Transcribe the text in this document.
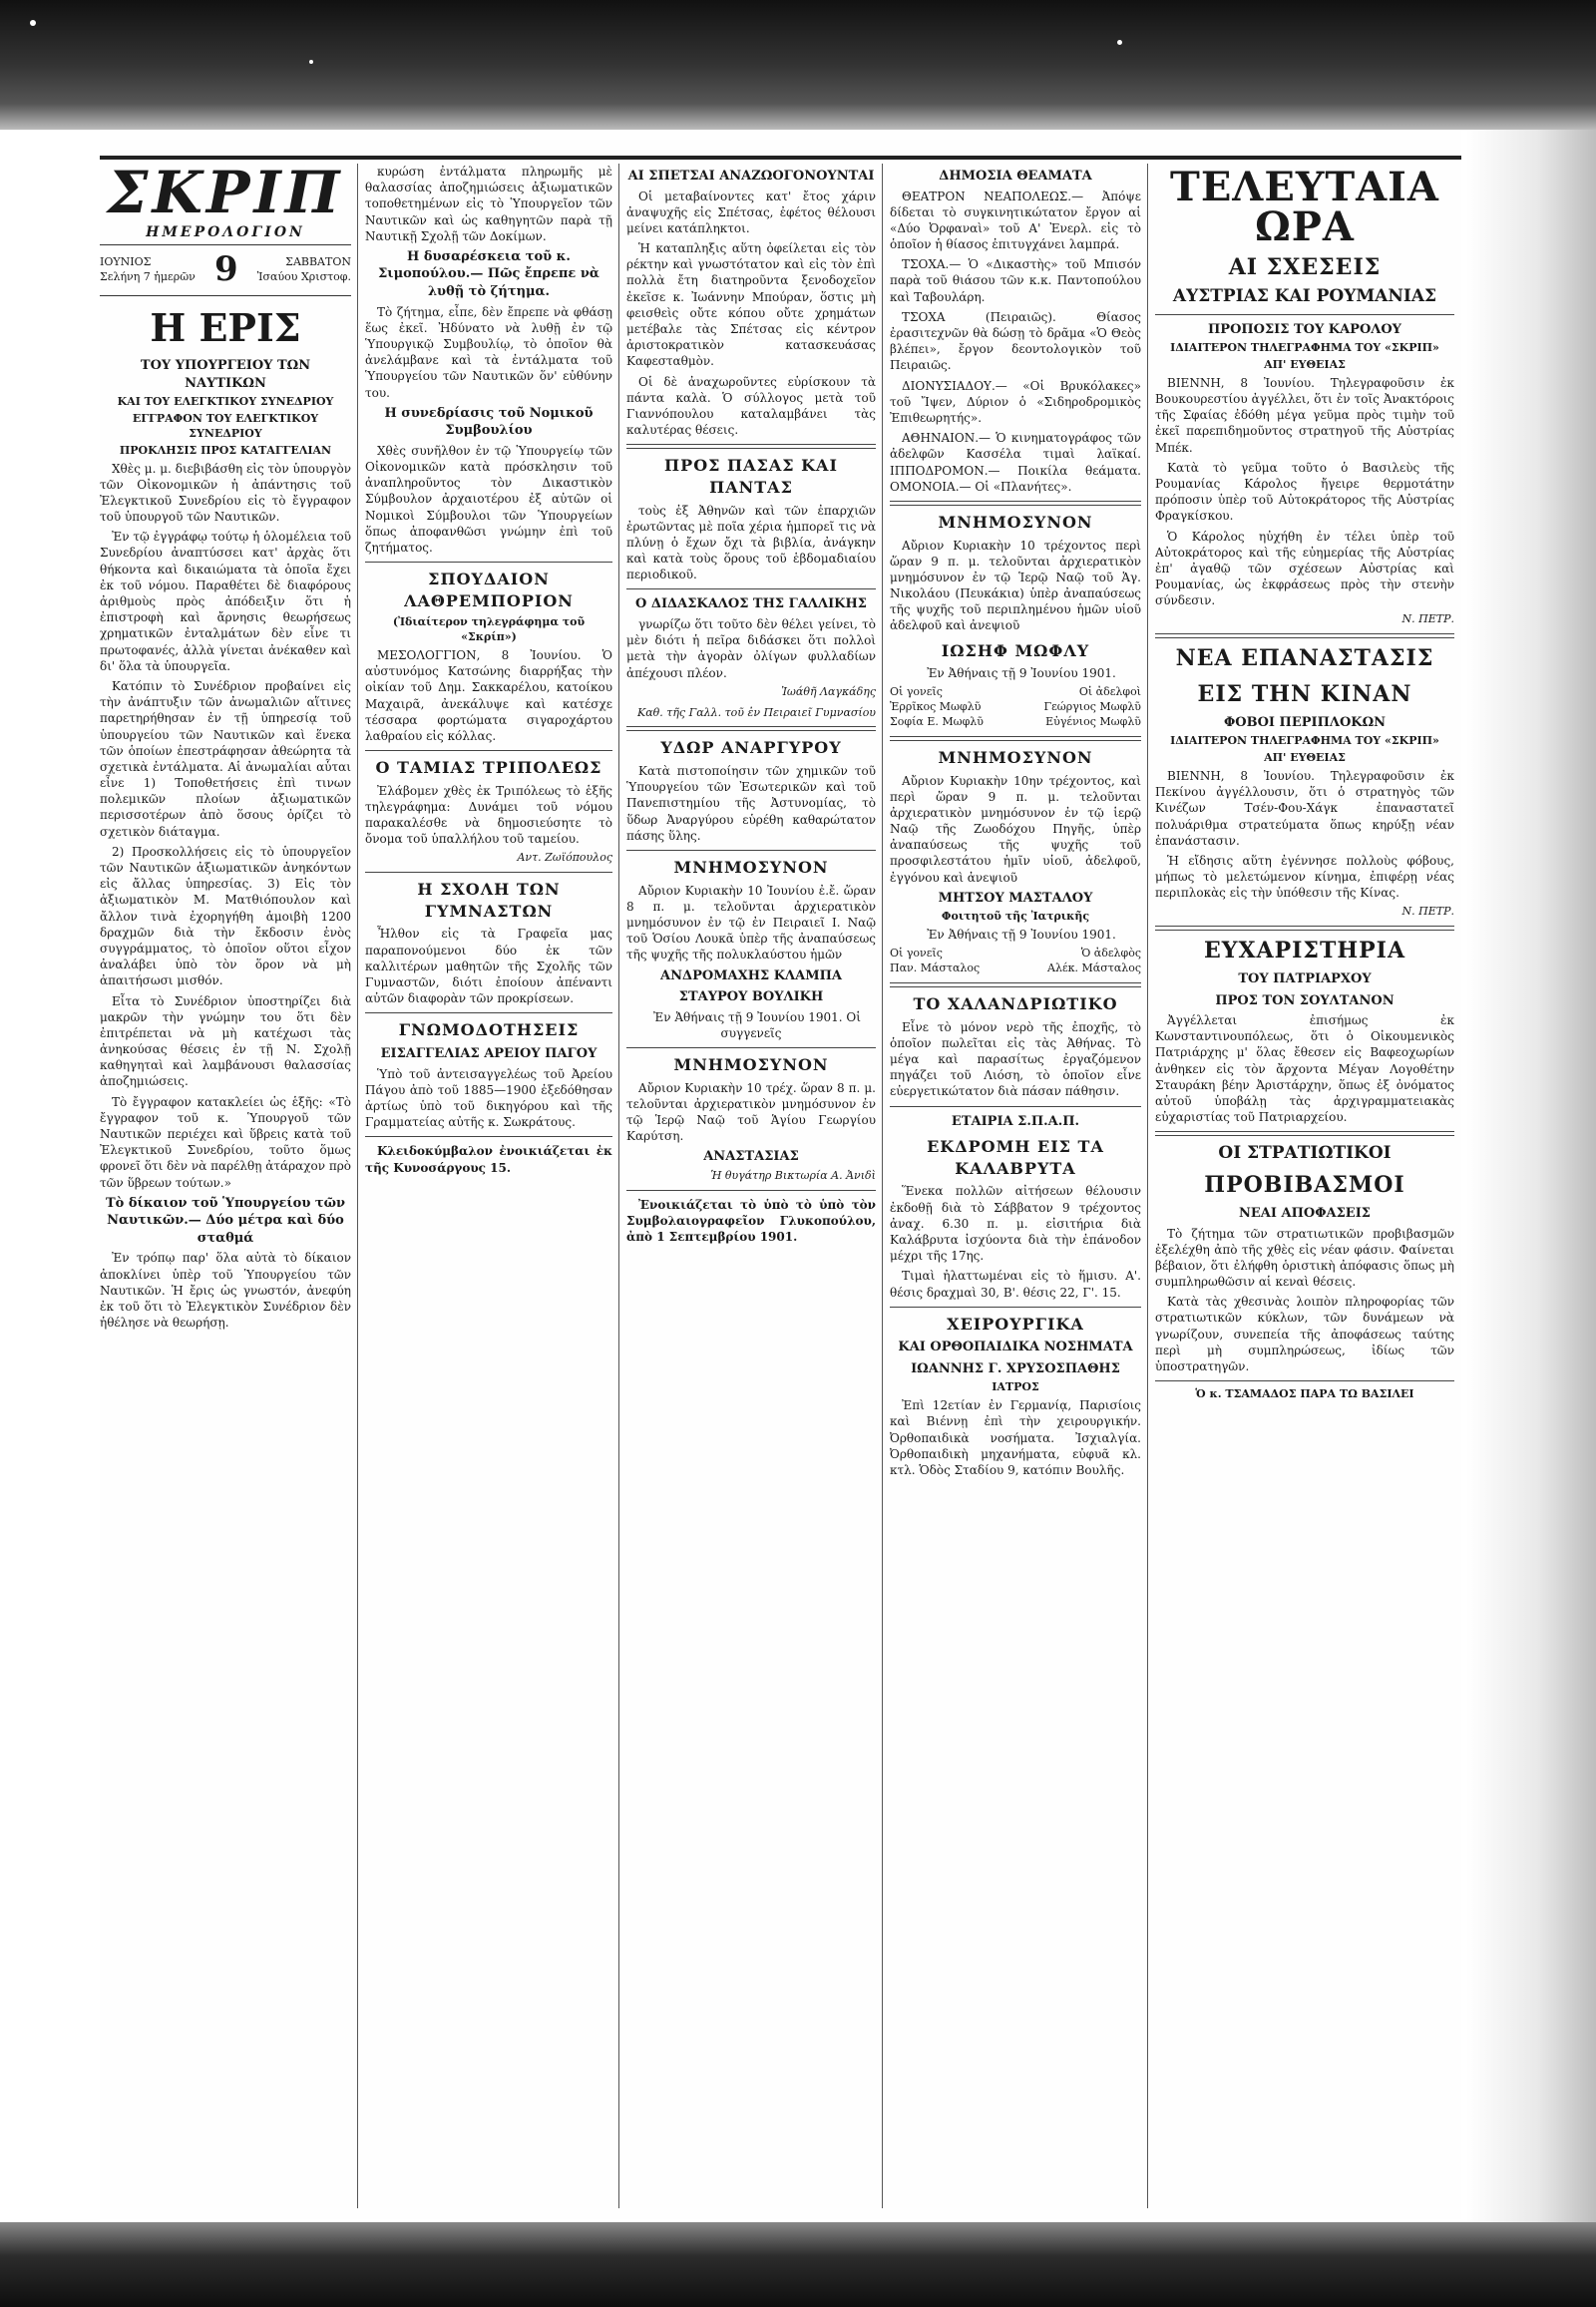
ΣΚΡΙΠ
ΗΜΕΡΟΛΟΓΙΟΝ
ΙΟΥΝΙΟΣ
Σελήνη 7 ἡμερῶν 9	ΣΑΒΒΑΤΟΝ
Ἰσαύου Χριστοφ.
Η ΕΡΙΣ
ΤΟΥ ΥΠΟΥΡΓΕΙΟΥ ΤΩΝ ΝΑΥΤΙΚΩΝ
ΚΑΙ ΤΟΥ ΕΛΕΓΚΤΙΚΟΥ ΣΥΝΕΔΡΙΟΥ
ΕΓΓΡΑΦΟΝ ΤΟΥ ΕΛΕΓΚΤΙΚΟΥ ΣΥΝΕΔΡΙΟΥ
ΠΡΟΚΛΗΣΙΣ ΠΡΟΣ ΚΑΤΑΓΓΕΛΙΑΝ

Χθὲς μ. μ. διεβιβάσθη εἰς τὸν ὑπουργὸν τῶν Οἰκονομικῶν ἡ ἀπάντησις τοῦ Ἐλεγκτικοῦ Συνεδρίου εἰς τὸ ἔγγραφον τοῦ ὑπουργοῦ τῶν Ναυτικῶν.

Ἐν τῷ ἐγγράφῳ τούτῳ ἡ ὁλομέλεια τοῦ Συνεδρίου ἀναπτύσσει κατ' ἀρχὰς ὅτι θήκοντα καὶ δικαιώματα τὰ ὁποῖα ἔχει ἐκ τοῦ νόμου. Παραθέτει δὲ διαφόρους ἀριθμοὺς πρὸς ἀπόδειξιν ὅτι ἡ ἐπιστροφὴ καὶ ἄρνησις θεωρήσεως χρηματικῶν ἐνταλμάτων δὲν εἶνε τι πρωτοφανές, ἀλλὰ γίνεται ἀνέκαθεν καὶ δι' ὅλα τὰ ὑπουργεῖα.

Κατόπιν τὸ Συνέδριον προβαίνει εἰς τὴν ἀνάπτυξιν τῶν ἀνωμαλιῶν αἵτινες παρετηρήθησαν ἐν τῇ ὑπηρεσίᾳ τοῦ ὑπουργείου τῶν Ναυτικῶν καὶ ἕνεκα τῶν ὁποίων ἐπεστράφησαν ἀθεώρητα τὰ σχετικὰ ἐντάλματα. Αἱ ἀνωμαλίαι αὗται εἶνε 1) Τοποθετήσεις ἐπὶ τινων πολεμικῶν πλοίων ἀξιωματικῶν περισσοτέρων ἀπὸ ὅσους ὁρίζει τὸ σχετικὸν διάταγμα.

2) Προσκολλήσεις εἰς τὸ ὑπουργεῖον τῶν Ναυτικῶν ἀξιωματικῶν ἀνηκόντων εἰς ἄλλας ὑπηρεσίας. 3) Εἰς τὸν ἀξιωματικὸν Μ. Ματθιόπουλον καὶ ἄλλον τινὰ ἐχορηγήθη ἀμοιβὴ 1200 δραχμῶν διὰ τὴν ἔκδοσιν ἑνὸς συγγράμματος, τὸ ὁποῖον οὕτοι εἶχον ἀναλάβει ὑπὸ τὸν ὅρον νὰ μὴ ἀπαιτήσωσι μισθόν.

Εἶτα τὸ Συνέδριον ὑποστηρίζει διὰ μακρῶν τὴν γνώμην του ὅτι δὲν ἐπιτρέπεται νὰ μὴ κατέχωσι τὰς ἀνηκούσας θέσεις ἐν τῇ Ν. Σχολῇ καθηγηταὶ καὶ λαμβάνουσι θαλασσίας ἀποζημιώσεις.

Τὸ ἔγγραφον κατακλείει ὡς ἑξῆς: «Τὸ ἔγγραφον τοῦ κ. Ὑπουργοῦ τῶν Ναυτικῶν περιέχει καὶ ὕβρεις κατὰ τοῦ Ἐλεγκτικοῦ Συνεδρίου, τοῦτο ὅμως φρονεῖ ὅτι δὲν νὰ παρέλθῃ ἀτάραχον πρὸ τῶν ὕβρεων τούτων.»

Τὸ δίκαιον τοῦ Ὑπουργείου τῶν Ναυτικῶν.— Δύο μέτρα καὶ δύο σταθμά

Ἐν τρόπῳ παρ' ὅλα αὐτὰ τὸ δίκαιον ἀποκλίνει ὑπὲρ τοῦ Ὑπουργείου τῶν Ναυτικῶν. Ἡ ἔρις ὡς γνωστόν, ἀνεφύη ἐκ τοῦ ὅτι τὸ Ἐλεγκτικὸν Συνέδριον δὲν ἠθέλησε νὰ θεωρήσῃ.

κυρώση ἐντάλματα πληρωμῆς μὲ θαλασσίας ἀποζημιώσεις ἀξιωματικῶν τοποθετημένων εἰς τὸ Ὑπουργεῖον τῶν Ναυτικῶν καὶ ὡς καθηγητῶν παρὰ τῇ Ναυτικῇ Σχολῇ τῶν Δοκίμων.

Η δυσαρέσκεια τοῦ κ. Σιμοπούλου.— Πῶς ἔπρεπε νὰ λυθῇ τὸ ζήτημα.

Τὸ ζήτημα, εἶπε, δὲν ἔπρεπε νὰ φθάσῃ ἕως ἐκεῖ. Ἠδύνατο νὰ λυθῇ ἐν τῷ Ὑπουργικῷ Συμβουλίῳ, τὸ ὁποῖον θὰ ἀνελάμβανε καὶ τὰ ἐντάλματα τοῦ Ὑπουργείου τῶν Ναυτικῶν ὅν' εὐθύνην του.

Η συνεδρίασις τοῦ Νομικοῦ Συμβουλίου

Χθὲς συνῆλθον ἐν τῷ Ὑπουργείῳ τῶν Οἰκονομικῶν κατὰ πρόσκλησιν τοῦ ἀναπληροῦντος τὸν Δικαστικὸν Σύμβουλον ἀρχαιοτέρου ἐξ αὐτῶν οἱ Νομικοὶ Σύμβουλοι τῶν Ὑπουργείων ὅπως ἀποφανθῶσι γνώμην ἐπὶ τοῦ ζητήματος.

ΣΠΟΥΔΑΙΟΝ ΛΑΘΡΕΜΠΟΡΙΟΝ
(Ἰδιαίτερον τηλεγράφημα τοῦ «Σκρίπ»)

ΜΕΣΟΛΟΓΓΙΟΝ, 8 Ἰουνίου. Ὁ αὐστυνόμος Κατσώνης διαρρήξας τὴν οἰκίαν τοῦ Δημ. Σακκαρέλου, κατοίκου Μαχαιρᾶ, ἀνεκάλυψε καὶ κατέσχε τέσσαρα φορτώματα σιγαροχάρτου λαθραίου εἰς κόλλας.

Ο ΤΑΜΙΑΣ ΤΡΙΠΟΛΕΩΣ

Ἐλάβομεν χθὲς ἐκ Τριπόλεως τὸ ἑξῆς τηλεγράφημα: Δυνάμει τοῦ νόμου παρακαλέσθε νὰ δημοσιεύσητε τὸ ὄνομα τοῦ ὑπαλλήλου τοῦ ταμείου.

Αντ. Ζωϊόπουλος
Η ΣΧΟΛΗ ΤΩΝ ΓΥΜΝΑΣΤΩΝ

Ἦλθον εἰς τὰ Γραφεῖα μας παραπονούμενοι δύο ἐκ τῶν καλλιτέρων μαθητῶν τῆς Σχολῆς τῶν Γυμναστῶν, διότι ἐποίουν ἀπέναντι αὐτῶν διαφορὰν τῶν προκρίσεων.

ΓΝΩΜΟΔΟΤΗΣΕΙΣ
ΕΙΣΑΓΓΕΛΙΑΣ ΑΡΕΙΟΥ ΠΑΓΟΥ

Ὑπὸ τοῦ ἀντεισαγγελέως τοῦ Ἀρείου Πάγου ἀπὸ τοῦ 1885—1900 ἐξεδόθησαν ἀρτίως ὑπὸ τοῦ δικηγόρου καὶ τῆς Γραμματείας αὐτῆς κ. Σωκράτους.

Κλειδοκύμβαλον ἐνοικιάζεται ἐκ τῆς Κυνοσάργους 15.

ΑΙ ΣΠΕΤΣΑΙ ΑΝΑΖΩΟΓΟΝΟΥΝΤΑΙ

Οἱ μεταβαίνοντες κατ' ἔτος χάριν ἀναψυχῆς εἰς Σπέτσας, ἐφέτος θέλουσι μείνει κατάπληκτοι.

Ἡ καταπληξις αὕτη ὀφείλεται εἰς τὸν ρέκτην καὶ γνωστότατον καὶ εἰς τὸν ἐπὶ πολλὰ ἔτη διατηροῦντα ξενοδοχεῖον ἐκεῖσε κ. Ἰωάννην Μπούραν, ὅστις μὴ φεισθεὶς οὔτε κόπου οὔτε χρημάτων μετέβαλε τὰς Σπέτσας εἰς κέντρον ἀριστοκρατικὸν κατασκευάσας Καφεσταθμὸν.

Οἱ δὲ ἀναχωροῦντες εὑρίσκουν τὰ πάντα καλὰ. Ὁ σύλλογος μετὰ τοῦ Γιαννόπουλου καταλαμβάνει τὰς καλυτέρας θέσεις.

ΠΡΟΣ ΠΑΣΑΣ ΚΑΙ ΠΑΝΤΑΣ

τοὺς ἐξ Ἀθηνῶν καὶ τῶν ἐπαρχιῶν ἐρωτῶντας μὲ ποῖα χέρια ἡμπορεῖ τις νὰ πλύνῃ ὁ ἔχων ὄχι τὰ βιβλία, ἀνάγκην καὶ κατὰ τοὺς ὅρους τοῦ ἑβδομαδιαίου περιοδικοῦ.

Ο ΔΙΔΑΣΚΑΛΟΣ ΤΗΣ ΓΑΛΛΙΚΗΣ

γνωρίζω ὅτι τοῦτο δὲν θέλει γείνει, τὸ μὲν διότι ἡ πεῖρα διδάσκει ὅτι πολλοὶ μετὰ τὴν ἀγορὰν ὀλίγων φυλλαδίων ἀπέχουσι πλέον.

Ἰωάθῆ Λαγκάδης
Καθ. τῆς Γαλλ. τοῦ ἐν Πειραιεῖ Γυμνασίου
ΥΔΩΡ ΑΝΑΡΓΥΡΟΥ

Κατὰ πιστοποίησιν τῶν χημικῶν τοῦ Ὑπουργείου τῶν Ἐσωτερικῶν καὶ τοῦ Πανεπιστημίου τῆς Ἀστυνομίας, τὸ ὕδωρ Ἀναργύρου εὑρέθη καθαρώτατον πάσης ὕλης.

ΜΝΗΜΟΣΥΝΟΝ

Αὔριον Κυριακὴν 10 Ἰουνίου ἐ.ἔ. ὥραν 8 π. μ. τελοῦνται ἀρχιερατικὸν μνημόσυνον ἐν τῷ ἐν Πειραιεῖ Ι. Ναῷ τοῦ Ὁσίου Λουκᾶ ὑπὲρ τῆς ἀναπαύσεως τῆς ψυχῆς τῆς πολυκλαύστου ἡμῶν

ΑΝΔΡΟΜΑΧΗΣ ΚΛΑΜΠΑ
ΣΤΑΥΡΟΥ ΒΟΥΛΙΚΗ

Ἐν Ἀθήναις τῇ 9 Ἰουνίου 1901. Οἱ συγγενεῖς

ΜΝΗΜΟΣΥΝΟΝ

Αὔριον Κυριακὴν 10 τρέχ. ὥραν 8 π. μ. τελοῦνται ἀρχιερατικὸν μνημόσυνον ἐν τῷ Ἱερῷ Ναῷ τοῦ Ἁγίου Γεωργίου Καρύτση.

ΑΝΑΣΤΑΣΙΑΣ
Ἡ θυγάτηρ Βικτωρία Α. Ἀνιδὶ

Ἐνοικιάζεται τὸ ὑπὸ τὸ ὑπὸ τὸν Συμβολαιογραφεῖον Γλυκοπούλου, ἀπὸ 1 Σεπτεμβρίου 1901.

ΔΗΜΟΣΙΑ ΘΕΑΜΑΤΑ

ΘΕΑΤΡΟΝ ΝΕΑΠΟΛΕΩΣ.— Ἀπόψε δίδεται τὸ συγκινητικώτατον ἔργον αἱ «Δύο Ὀρφαναὶ» τοῦ Α' Ἐνερλ. εἰς τὸ ὁποῖον ἡ θίασος ἐπιτυγχάνει λαμπρά.

ΤΣΟΧΑ.— Ὁ «Δικαστὴς» τοῦ Μπισόν παρὰ τοῦ θιάσου τῶν κ.κ. Παντοπούλου καὶ Ταβουλάρη.

ΤΣΟΧΑ (Πειραιῶς). Θίασος ἐρασιτεχνῶν θὰ δώσῃ τὸ δρᾶμα «Ὁ Θεὸς βλέπει», ἔργον δεοντολογικὸν τοῦ Πειραιῶς.

ΔΙΟΝΥΣΙΑΔΟΥ.— «Οἱ Βρυκόλακες» τοῦ Ἴψεν, Δύριον ὁ «Σιδηροδρομικὸς Ἐπιθεωρητής».

ΑΘΗΝΑΙΟΝ.— Ὁ κινηματογράφος τῶν ἀδελφῶν Κασσέλα τιμαὶ λαϊκαί. ΙΠΠΟΔΡΟΜΟΝ.— Ποικίλα θεάματα. ΟΜΟΝΟΙΑ.— Οἱ «Πλανήτες».

ΜΝΗΜΟΣΥΝΟΝ

Αὔριον Κυριακὴν 10 τρέχοντος περὶ ὥραν 9 π. μ. τελοῦνται ἀρχιερατικὸν μνημόσυνον ἐν τῷ Ἱερῷ Ναῷ τοῦ Ἁγ. Νικολάου (Πευκάκια) ὑπὲρ ἀναπαύσεως τῆς ψυχῆς τοῦ περιπλημένου ἡμῶν υἱοῦ ἀδελφοῦ καὶ ἀνεψιοῦ

ΙΩΣΗΦ ΜΩΦΛΥ

Ἐν Ἀθήναις τῇ 9 Ἰουνίου 1901.

Οἱ γονεῖς	Οἱ ἀδελφοὶ
Ἐρρῖκος Μωφλῦ	Γεώργιος Μωφλῦ
Σοφία Ε. Μωφλῦ	Εὐγένιος Μωφλῦ
ΜΝΗΜΟΣΥΝΟΝ

Αὔριον Κυριακὴν 10ην τρέχοντος, καὶ περὶ ὥραν 9 π. μ. τελοῦνται ἀρχιερατικὸν μνημόσυνον ἐν τῷ ἱερῷ Ναῷ τῆς Ζωοδόχου Πηγῆς, ὑπὲρ ἀναπαύσεως τῆς ψυχῆς τοῦ προσφιλεστάτου ἡμῖν υἱοῦ, ἀδελφοῦ, ἐγγόνου καὶ ἀνεψιοῦ

ΜΗΤΣΟΥ ΜΑΣΤΑΛΟΥ
Φοιτητοῦ τῆς Ἰατρικῆς

Ἐν Ἀθήναις τῇ 9 Ἰουνίου 1901.

Οἱ γονεῖς	Ὁ ἀδελφὸς
Παν. Μάσταλος	Αλέκ. Μάσταλος
ΤΟ ΧΑΛΑΝΔΡΙΩΤΙΚΟ

Εἶνε τὸ μόνον νερὸ τῆς ἐποχῆς, τὸ ὁποῖον πωλεῖται εἰς τὰς Ἀθήνας. Τὸ μέγα καὶ παρασίτως ἐργαζόμενον πηγάζει τοῦ Λιόση, τὸ ὁποῖον εἶνε εὐεργετικώτατον διὰ πάσαν πάθησιν.

ΕΤΑΙΡΙΑ Σ.Π.Α.Π.
ΕΚΔΡΟΜΗ ΕΙΣ ΤΑ ΚΑΛΑΒΡΥΤΑ

Ἕνεκα πολλῶν αἰτήσεων θέλουσιν ἐκδοθῇ διὰ τὸ Σάββατον 9 τρέχοντος ἀναχ. 6.30 π. μ. εἰσιτήρια διὰ Καλάβρυτα ἰσχύοντα διὰ τὴν ἐπάνοδον μέχρι τῆς 17ης.

Τιμαὶ ἠλαττωμέναι εἰς τὸ ἥμισυ. Α'. θέσις δραχμαὶ 30, Β'. θέσις 22, Γ'. 15.

ΧΕΙΡΟΥΡΓΙΚΑ
ΚΑΙ ΟΡΘΟΠΑΙΔΙΚΑ ΝΟΣΗΜΑΤΑ
ΙΩΑΝΝΗΣ Γ. ΧΡΥΣΟΣΠΑΘΗΣ
ΙΑΤΡΟΣ

Ἐπὶ 12ετίαν ἐν Γερμανίᾳ, Παρισίοις καὶ Βιέννῃ ἐπὶ τὴν χειρουργικήν. Ὀρθοπαιδικὰ νοσήματα. Ἰσχιαλγία. Ὀρθοπαιδικὴ μηχανήματα, εὐφυᾶ κλ. κτλ. Ὁδὸς Σταδίου 9, κατόπιν Βουλῆς.

ΤΕΛΕΥΤΑΙΑ ΩΡΑ
ΑΙ ΣΧΕΣΕΙΣ
ΑΥΣΤΡΙΑΣ ΚΑΙ ΡΟΥΜΑΝΙΑΣ
ΠΡΟΠΟΣΙΣ ΤΟΥ ΚΑΡΟΛΟΥ
ΙΔΙΑΙΤΕΡΟΝ ΤΗΛΕΓΡΑΦΗΜΑ ΤΟΥ «ΣΚΡΙΠ»
ΑΠ' ΕΥΘΕΙΑΣ

ΒΙΕΝΝΗ, 8 Ἰουνίου. Τηλεγραφοῦσιν ἐκ Βουκουρεστίου ἀγγέλλει, ὅτι ἐν τοῖς Ἀνακτόροις τῆς Σφαίας ἐδόθη μέγα γεῦμα πρὸς τιμὴν τοῦ ἐκεῖ παρεπιδημοῦντος στρατηγοῦ τῆς Αὐστρίας Μπέκ.

Κατὰ τὸ γεῦμα τοῦτο ὁ Βασιλεὺς τῆς Ρουμανίας Κάρολος ἤγειρε θερμοτάτην πρόποσιν ὑπὲρ τοῦ Αὐτοκράτορος τῆς Αὐστρίας Φραγκίσκου.

Ὁ Κάρολος ηὐχήθη ἐν τέλει ὑπὲρ τοῦ Αὐτοκράτορος καὶ τῆς εὐημερίας τῆς Αὐστρίας ἐπ' ἀγαθῷ τῶν σχέσεων Αὐστρίας καὶ Ρουμανίας, ὡς ἐκφράσεως πρὸς τὴν στενὴν σύνδεσιν.

Ν. ΠΕΤΡ.
ΝΕΑ ΕΠΑΝΑΣΤΑΣΙΣ
ΕΙΣ ΤΗΝ ΚΙΝΑΝ
ΦΟΒΟΙ ΠΕΡΙΠΛΟΚΩΝ
ΙΔΙΑΙΤΕΡΟΝ ΤΗΛΕΓΡΑΦΗΜΑ ΤΟΥ «ΣΚΡΙΠ»
ΑΠ' ΕΥΘΕΙΑΣ

ΒΙΕΝΝΗ, 8 Ἰουνίου. Τηλεγραφοῦσιν ἐκ Πεκίνου ἀγγέλλουσιν, ὅτι ὁ στρατηγὸς τῶν Κινέζων Τσέν-Φου-Χάγκ ἐπαναστατεῖ πολυάριθμα στρατεύματα ὅπως κηρύξῃ νέαν ἐπανάστασιν.

Ἡ εἴδησις αὕτη ἐγέννησε πολλοὺς φόβους, μήπως τὸ μελετώμενον κίνημα, ἐπιφέρῃ νέας περιπλοκὰς εἰς τὴν ὑπόθεσιν τῆς Κίνας.

Ν. ΠΕΤΡ.
ΕΥΧΑΡΙΣΤΗΡΙΑ
ΤΟΥ ΠΑΤΡΙΑΡΧΟΥ
ΠΡΟΣ ΤΟΝ ΣΟΥΛΤΑΝΟΝ

Ἀγγέλλεται ἐπισήμως ἐκ Κωνσταντινουπόλεως, ὅτι ὁ Οἰκουμενικὸς Πατριάρχης μ' ὅλας ἔθεσεν εἰς Βαφεοχωρίων ἀνθηκεν εἰς τὸν ἄρχοντα Μέγαν Λογοθέτην Σταυράκη βέην Ἀριστάρχην, ὅπως ἐξ ὀνόματος αὐτοῦ ὑποβάλῃ τὰς ἀρχιγραμματειακὰς εὐχαριστίας τοῦ Πατριαρχείου.

ΟΙ ΣΤΡΑΤΙΩΤΙΚΟΙ
ΠΡΟΒΙΒΑΣΜΟΙ
ΝΕΑΙ ΑΠΟΦΑΣΕΙΣ

Τὸ ζήτημα τῶν στρατιωτικῶν προβιβασμῶν ἐξελέχθη ἀπὸ τῆς χθὲς εἰς νέαν φάσιν. Φαίνεται βέβαιον, ὅτι ἐλήφθη ὁριστικὴ ἀπόφασις ὅπως μὴ συμπληρωθῶσιν αἱ κεναὶ θέσεις.

Κατὰ τὰς χθεσινὰς λοιπὸν πληροφορίας τῶν στρατιωτικῶν κύκλων, τῶν δυνάμεων νὰ γνωρίζουν, συνεπεία τῆς ἀποφάσεως ταύτης περὶ μὴ συμπληρώσεως, ἰδίως τῶν ὑποστρατηγῶν.

Ὁ κ. ΤΣΑΜΑΔΟΣ ΠΑΡΑ ΤΩ ΒΑΣΙΛΕΙ
